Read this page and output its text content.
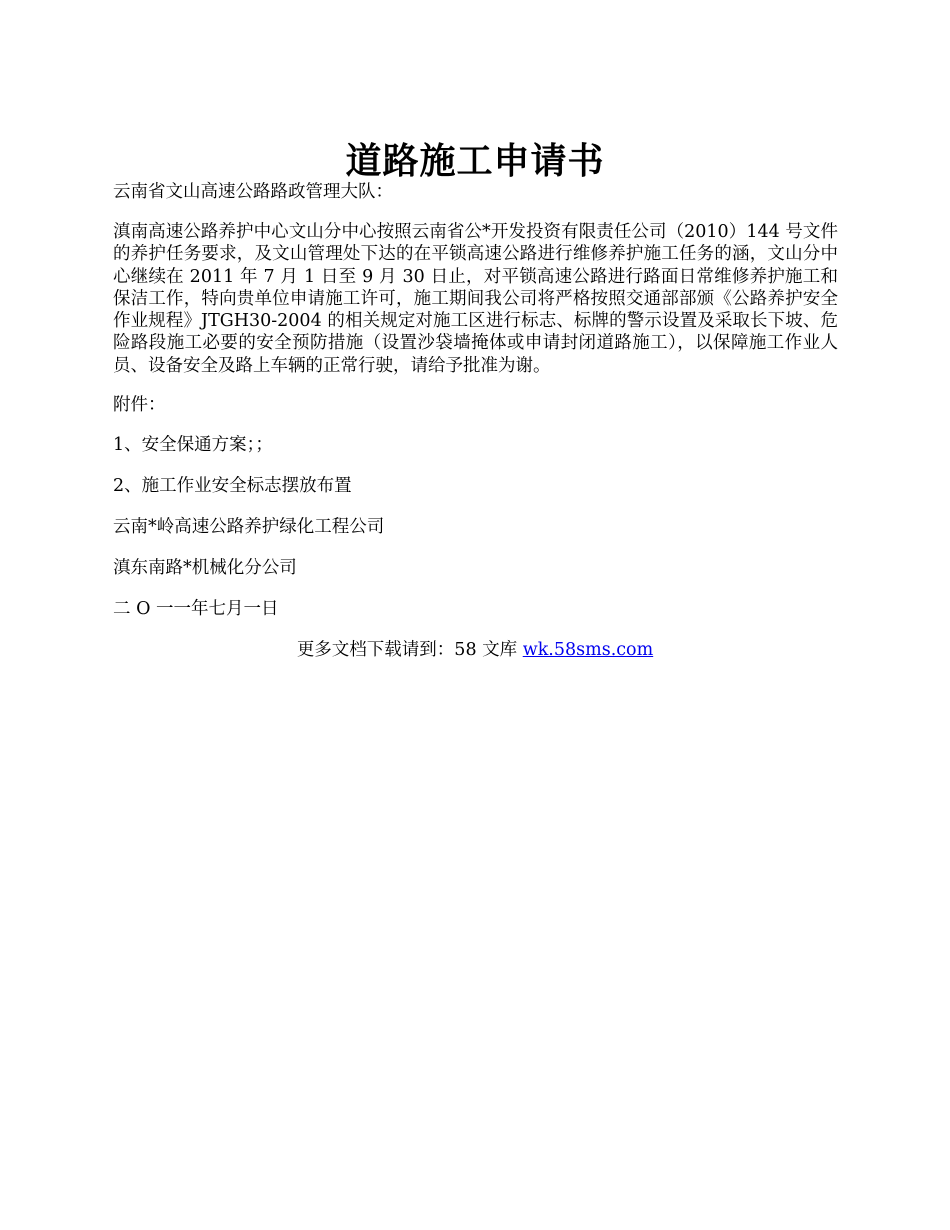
道路施工申请书

云南省文山高速公路路政管理大队：

滇南高速公路养护中心文山分中心按照云南省公*开发投资有限责任公司（2010）144 号文件的养护任务要求，及文山管理处下达的在平锁高速公路进行维修养护施工任务的涵，文山分中心继续在 2011 年 7 月 1 日至 9 月 30 日止，对平锁高速公路进行路面日常维修养护施工和保洁工作，特向贵单位申请施工许可，施工期间我公司将严格按照交通部部颁《公路养护安全作业规程》JTGH30-2004 的相关规定对施工区进行标志、标牌的警示设置及采取长下坡、危险路段施工必要的安全预防措施（设置沙袋墙掩体或申请封闭道路施工），以保障施工作业人员、设备安全及路上车辆的正常行驶，请给予批准为谢。

附件：

1、安全保通方案；；

2、施工作业安全标志摆放布置

云南*岭高速公路养护绿化工程公司

滇东南路*机械化分公司

二 O 一一年七月一日

更多文档下载请到：58 文库 wk.58sms.com
